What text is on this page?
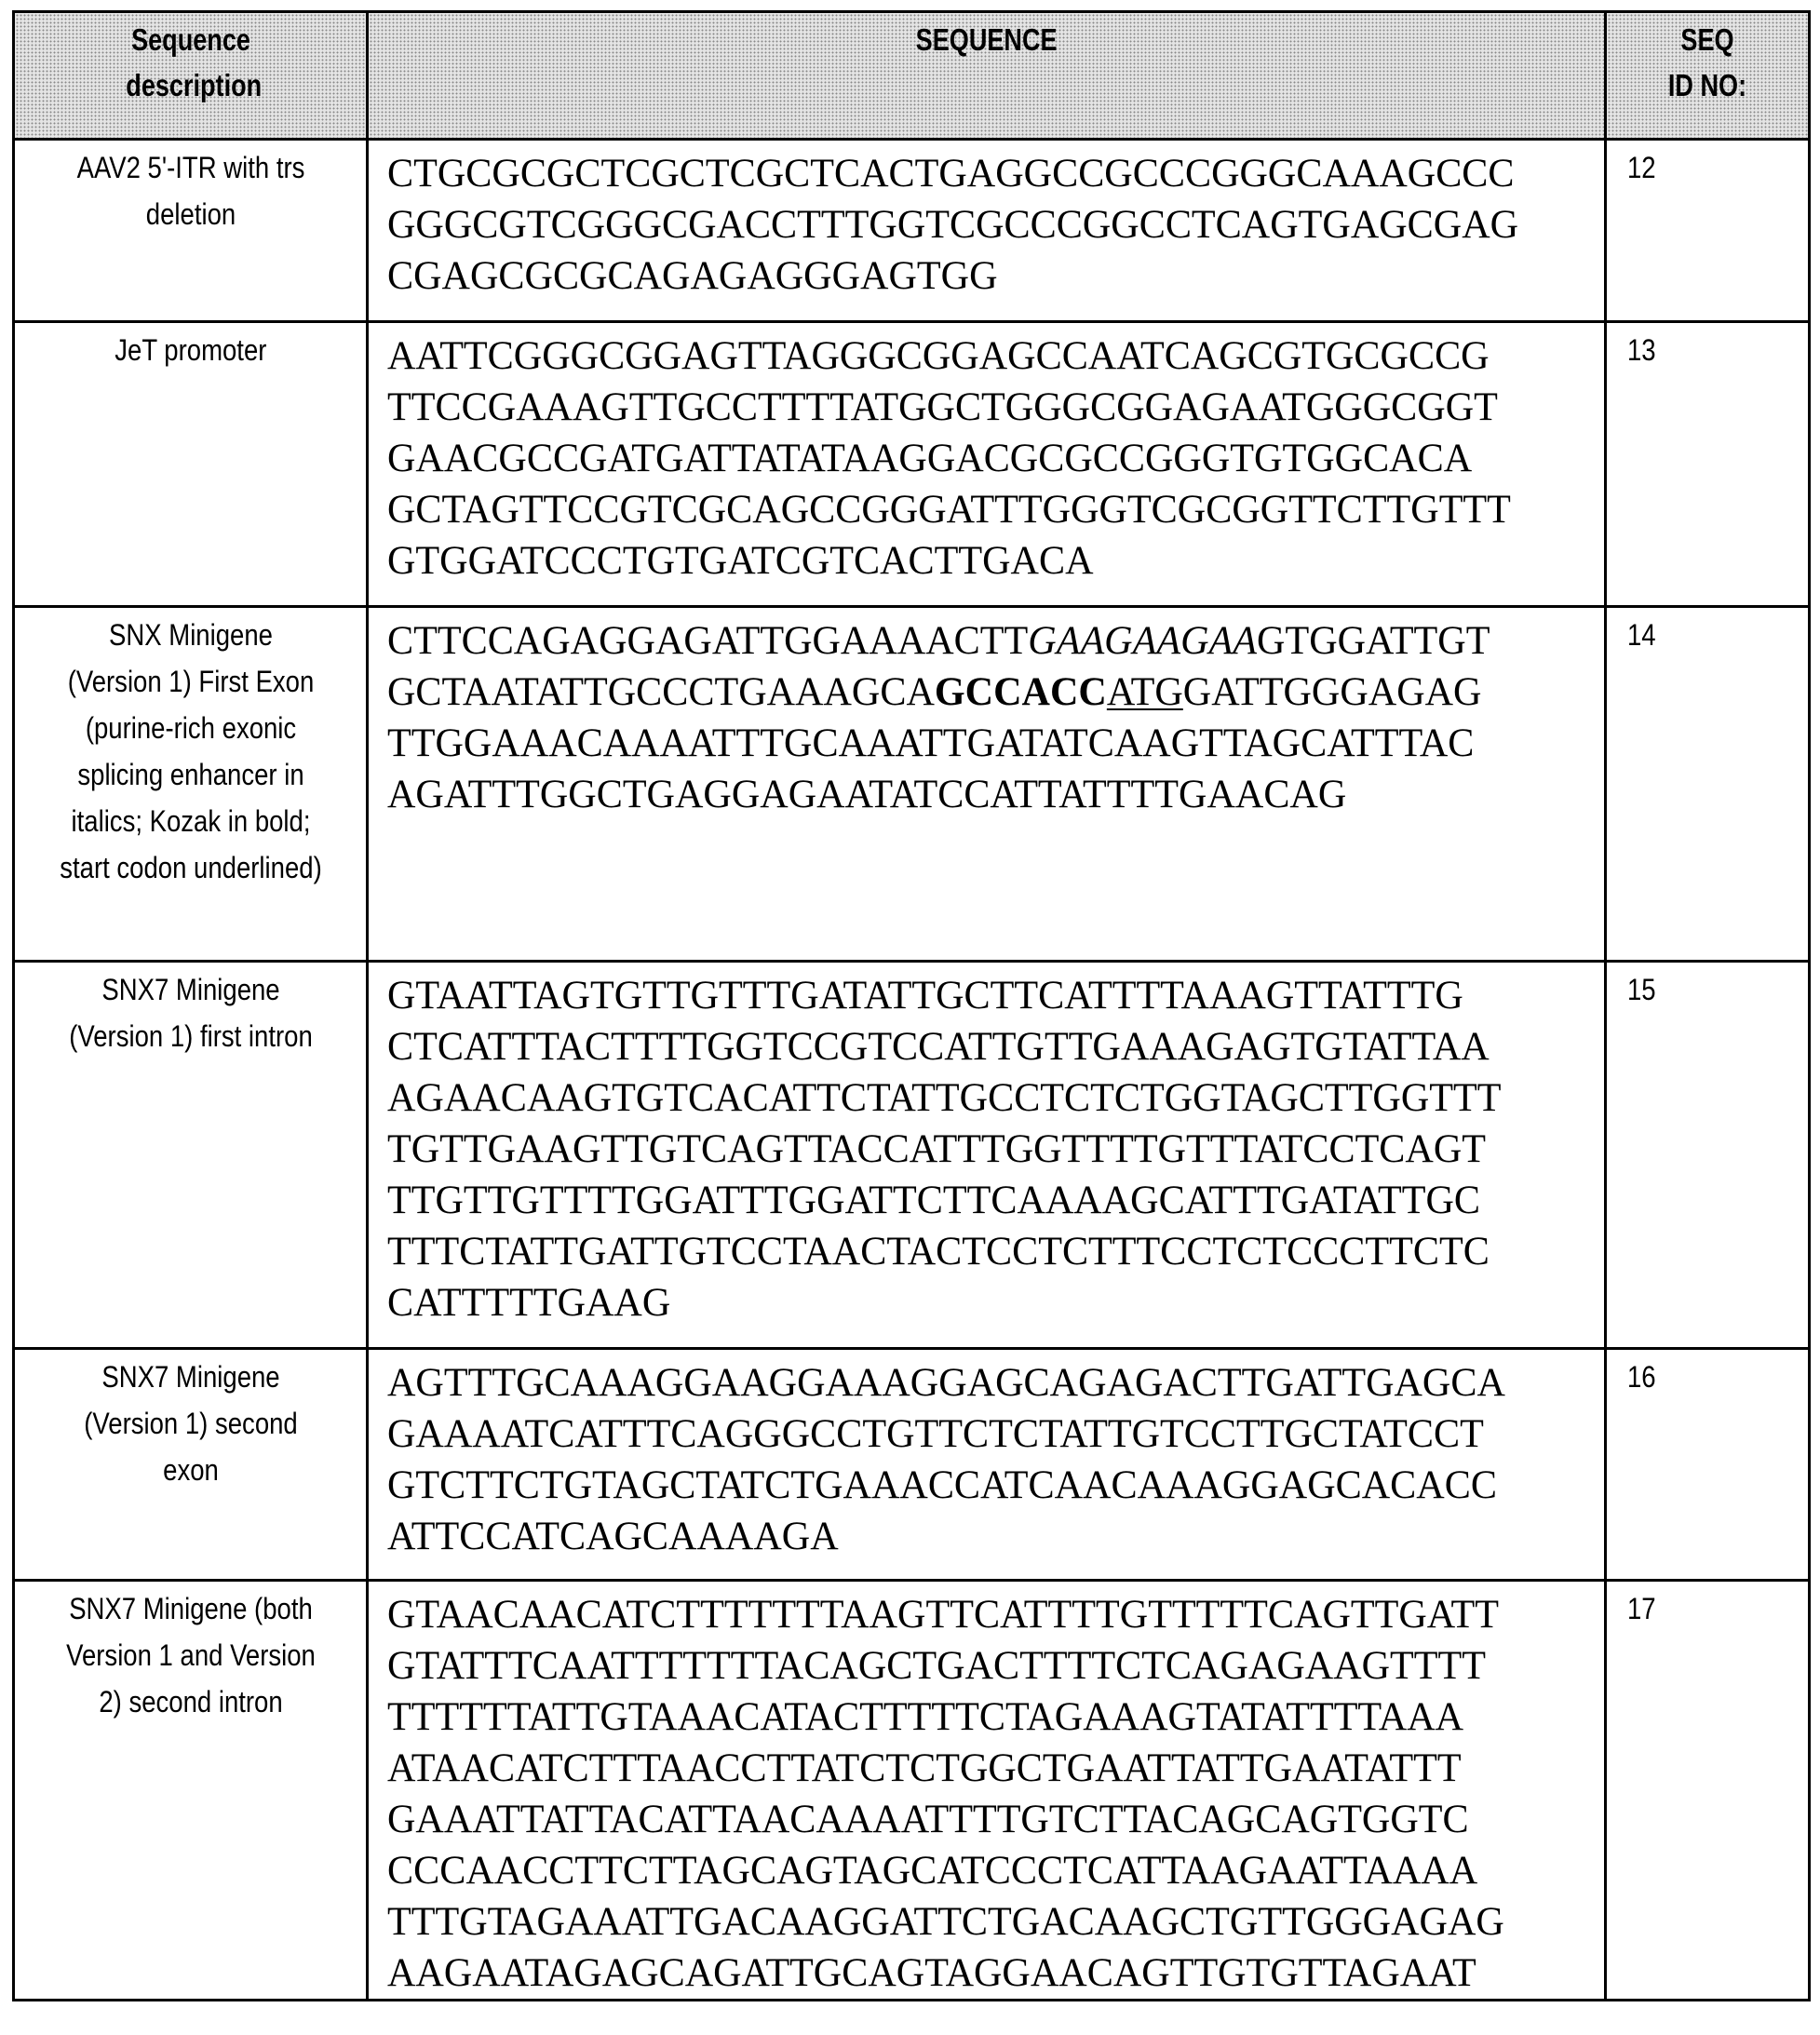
Sequence description	SEQUENCE	SEQ ID NO:
AAV2 5'-ITR with trs deletion	
CTGCGCGCTCGCTCGCTCACTGAGGCCGCCCGGGCAAAGCCC
GGGCGTCGGGCGACCTTTGGTCGCCCGGCCTCAGTGAGCGAG
CGAGCGCGCAGAGAGGGAGTGG
	12
JeT promoter	AATTCGGGCGGAGTTAGGGCGGAGCCAATCAGCGTGCGCCG
TTCCGAAAGTTGCCTTTTATGGCTGGGCGGAGAATGGGCGGT
GAACGCCGATGATTATATAAGGACGCGCCGGGTGTGGCACA
GCTAGTTCCGTCGCAGCCGGGATTTGGGTCGCGGTTCTTGTTT
GTGGATCCCTGTGATCGTCACTTGACA
	13
SNX Minigene (Version 1) First Exon (purine-rich exonic splicing enhancer in italics; Kozak in bold; start codon underlined)	
CTTCCAGAGGAGATTGGAAAACTTGAAGAAGAAGTGGATTGT
GCTAATATTGCCCTGAAAGCAGCCACCATGGATTGGGAGAG
TTGGAAACAAAATTTGCAAATTGATATCAAGTTAGCATTTAC
AGATTTGGCTGAGGAGAATATCCATTATTTTGAACAG
	14
SNX7 Minigene (Version 1) first intron	
GTAATTAGTGTTGTTTGATATTGCTTCATTTTAAAGTTATTTG
CTCATTTACTTTTGGTCCGTCCATTGTTGAAAGAGTGTATTAA
AGAACAAGTGTCACATTCTATTGCCTCTCTGGTAGCTTGGTTT
TGTTGAAGTTGTCAGTTACCATTTGGTTTTGTTTATCCTCAGT
TTGTTGTTTTGGATTTGGATTCTTCAAAAGCATTTGATATTGC
TTTCTATTGATTGTCCTAACTACTCCTCTTTCCTCTCCCTTCTC
CATTTTTGAAG
	15
SNX7 Minigene (Version 1) second exon	
AGTTTGCAAAGGAAGGAAAGGAGCAGAGACTTGATTGAGCA
GAAAATCATTTCAGGGCCTGTTCTCTATTGTCCTTGCTATCCT
GTCTTCTGTAGCTATCTGAAACCATCAACAAAGGAGCACACC
ATTCCATCAGCAAAAGA
	16
SNX7 Minigene (both Version 1 and Version 2) second intron	
GTAACAACATCTTTTTTTAAGTTCATTTTGTTTTTCAGTTGATT
GTATTTCAATTTTTTTACAGCTGACTTTTCTCAGAGAAGTTTT
TTTTTTATTGTAAACATACTTTTTCTAGAAAGTATATTTTAAA
ATAACATCTTTAACCTTATCTCTGGCTGAATTATTGAATATTT
GAAATTATTACATTAACAAAATTTTGTCTTACAGCAGTGGTC
CCCAACCTTCTTAGCAGTAGCATCCCTCATTAAGAATTAAAA
TTTGTAGAAATTGACAAGGATTCTGACAAGCTGTTGGGAGAG
AAGAATAGAGCAGATTGCAGTAGGAACAGTTGTGTTAGAAT
	17
